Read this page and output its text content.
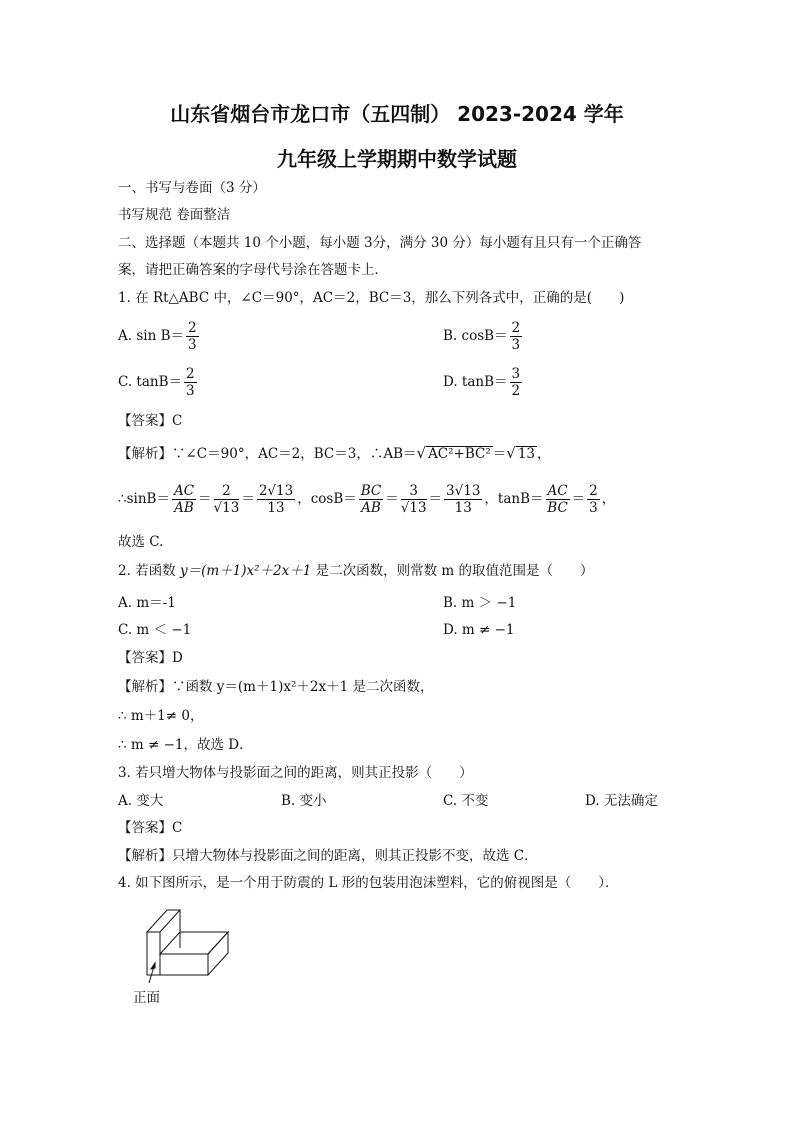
山东省烟台市龙口市（五四制） 2023-2024 学年
九年级上学期期中数学试题
一、书写与卷面（3 分）
书写规范 卷面整洁
二、选择题（本题共 10 个小题，每小题 3分，满分 30 分）每小题有且只有一个正确答
案，请把正确答案的字母代号涂在答题卡上．
1. 在 Rt△ABC 中，∠C＝90°，AC＝2，BC＝3，那么下列各式中，正确的是(　　)
A. $\sin B= \frac{2}{3}$	B. $\cos B= \frac{2}{3}$
C. $\tan B= \frac{2}{3}$	D. $\tan B= \frac{3}{2}$
【答案】C
【解析】∵∠C＝90°，AC＝2，BC＝3，∴AB＝√ AC²+BC² ＝√ 13 ，
∴sinB＝ $\frac{AC}{AB} = \frac{2}{√13} = \frac{2√13}{13}$ ，$\cos B= \frac{BC}{AB} = \frac{3}{√13} = \frac{3√13}{13}$ ，$\tan B= \frac{AC}{BC} = \frac{2}{3}$ ，
故选 C.
2. 若函数 y＝(m＋1)x²＋2x＋1 是二次函数，则常数 m 的取值范围是（　　）
A. m＝-1	B. m ＞ −1
C. m ＜ −1	D. m ≠ −1
【答案】D
【解析】∵函数 y＝(m＋1)x²＋2x＋1 是二次函数，
∴ m＋1≠ 0，
∴ m ≠ −1，故选 D．
3. 若只增大物体与投影面之间的距离，则其正投影（　　）
A. 变大	B. 变小	C. 不变	D. 无法确定
【答案】C
【解析】只增大物体与投影面之间的距离，则其正投影不变，故选 C．
4. 如下图所示，是一个用于防震的 L 形的包装用泡沫塑料，它的俯视图是（　　）．
正面
